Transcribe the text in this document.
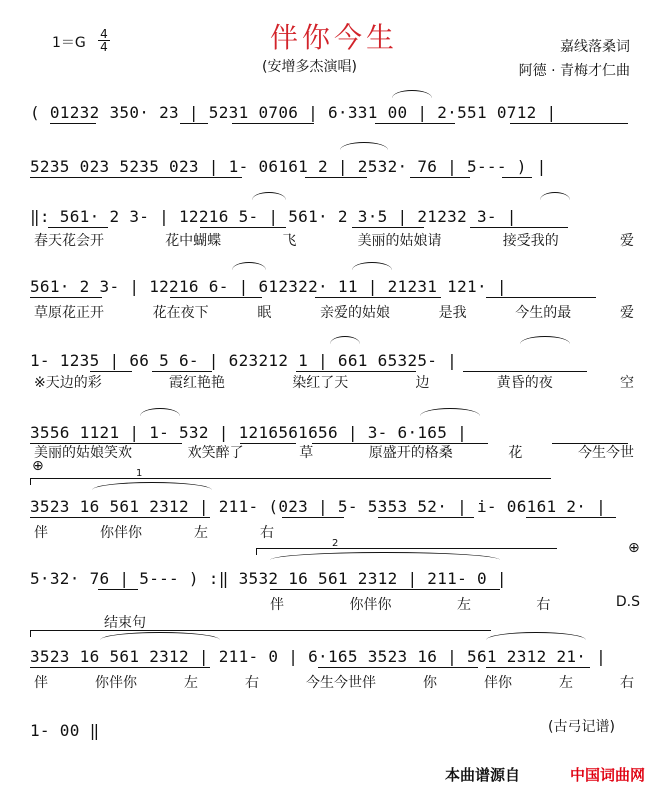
伴你今生
(安增多杰演唱)
$1=G \frac{4}{4}$	嘉线落桑词
阿德 · 青梅才仁曲
( 01232 350· 23 | 5231 0706 | 6·331 00 | 2·551 0712 |
5235 023 5235 023 | 1- 06161 2 | 2532· 76 | 5--- ) |
‖: 561· 2 3- | 12216 5- | 561· 2 3·5 | 21232 3- |
春天花会开	花中蝴蝶	飞	美丽的姑娘请	接受我的	爱
561· 2 3- | 12216 6- | 612322· 11 | 21231 121· |
草原花正开	花在夜下	眠	亲爱的姑娘	是我	今生的最	爱
1- 1235 | 66 5 6- | 623212 1 | 661 65325- |
※天边的彩	霞红艳艳	染红了天	边	黄昏的夜	空
3556 1121 | 1- 532 | 1216561656 | 3- 6·165 |
美丽的姑娘笑欢	欢笑醉了	草	原盛开的格桑	花	今生今世
⊕	1
3523 16 561 2312 | 211- (023 | 5- 5353 52· | i- 06161 2· |
伴	你伴你	左	右
2	⊕
5·32· 76 | 5--- ) :‖ 3532 16 561 2312 | 211- 0 |
伴	你伴你	左	右	D.S
结束句
3523 16 561 2312 | 211- 0 | 6·165 3523 16 | 561 2312 21· |
伴	你伴你	左	右	今生今世伴	你	伴你	左	右
1- 00 ‖	(古弓记谱)
本曲谱源自	中国词曲网
